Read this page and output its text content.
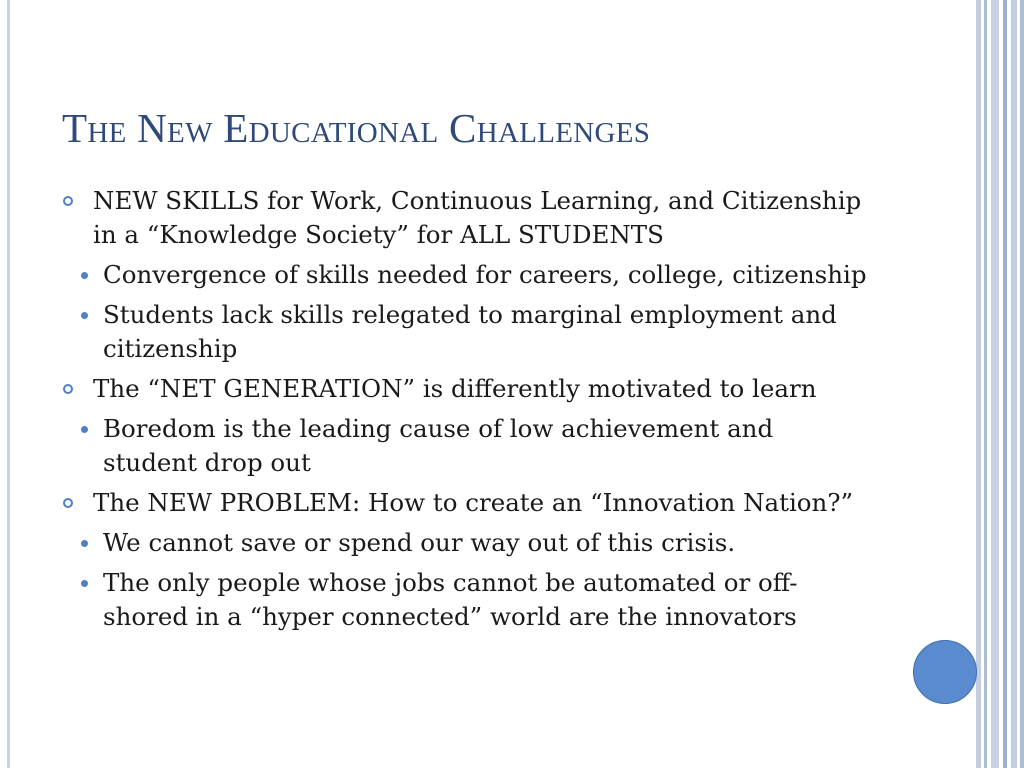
The New Educational Challenges
NEW SKILLS for Work, Continuous Learning, and Citizenship in a “Knowledge Society” for ALL STUDENTS
Convergence of skills needed for careers, college, citizenship
Students lack skills relegated to marginal employment and citizenship
The “NET GENERATION” is differently motivated to learn
Boredom is the leading cause of low achievement and student drop out
The NEW PROBLEM: How to create an “Innovation Nation?”
We cannot save or spend our way out of this crisis.
The only people whose jobs cannot be automated or off-shored in a “hyper connected” world are the innovators
